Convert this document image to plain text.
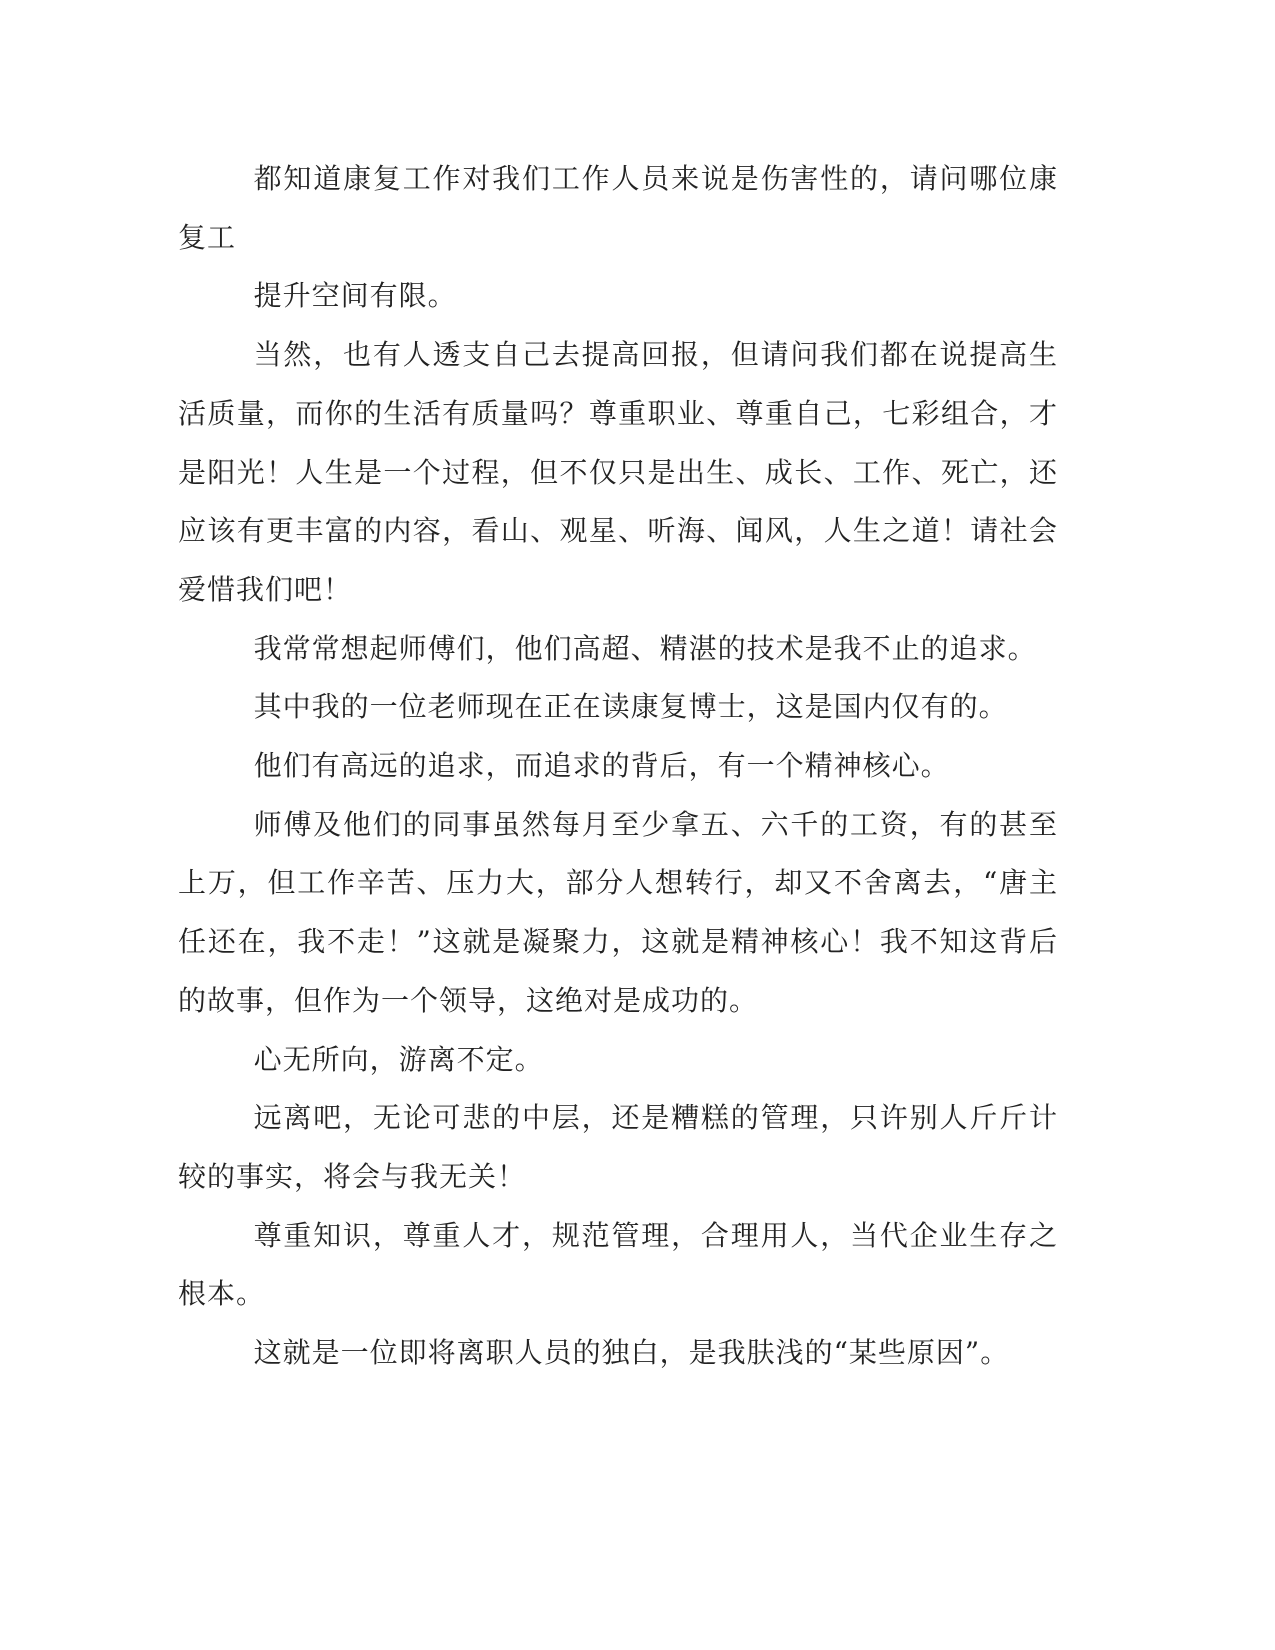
都知道康复工作对我们工作人员来说是伤害性的，请问哪位康复工

提升空间有限。

当然，也有人透支自己去提高回报，但请问我们都在说提高生活质量，而你的生活有质量吗？尊重职业、尊重自己，七彩组合，才是阳光！人生是一个过程，但不仅只是出生、成长、工作、死亡，还应该有更丰富的内容，看山、观星、听海、闻风，人生之道！请社会爱惜我们吧！

我常常想起师傅们，他们高超、精湛的技术是我不止的追求。

其中我的一位老师现在正在读康复博士，这是国内仅有的。

他们有高远的追求，而追求的背后，有一个精神核心。

师傅及他们的同事虽然每月至少拿五、六千的工资，有的甚至上万，但工作辛苦、压力大，部分人想转行，却又不舍离去，“唐主任还在，我不走！”这就是凝聚力，这就是精神核心！我不知这背后的故事，但作为一个领导，这绝对是成功的。

心无所向，游离不定。

远离吧，无论可悲的中层，还是糟糕的管理，只许别人斤斤计较的事实，将会与我无关！

尊重知识，尊重人才，规范管理，合理用人，当代企业生存之根本。

这就是一位即将离职人员的独白，是我肤浅的“某些原因”。
